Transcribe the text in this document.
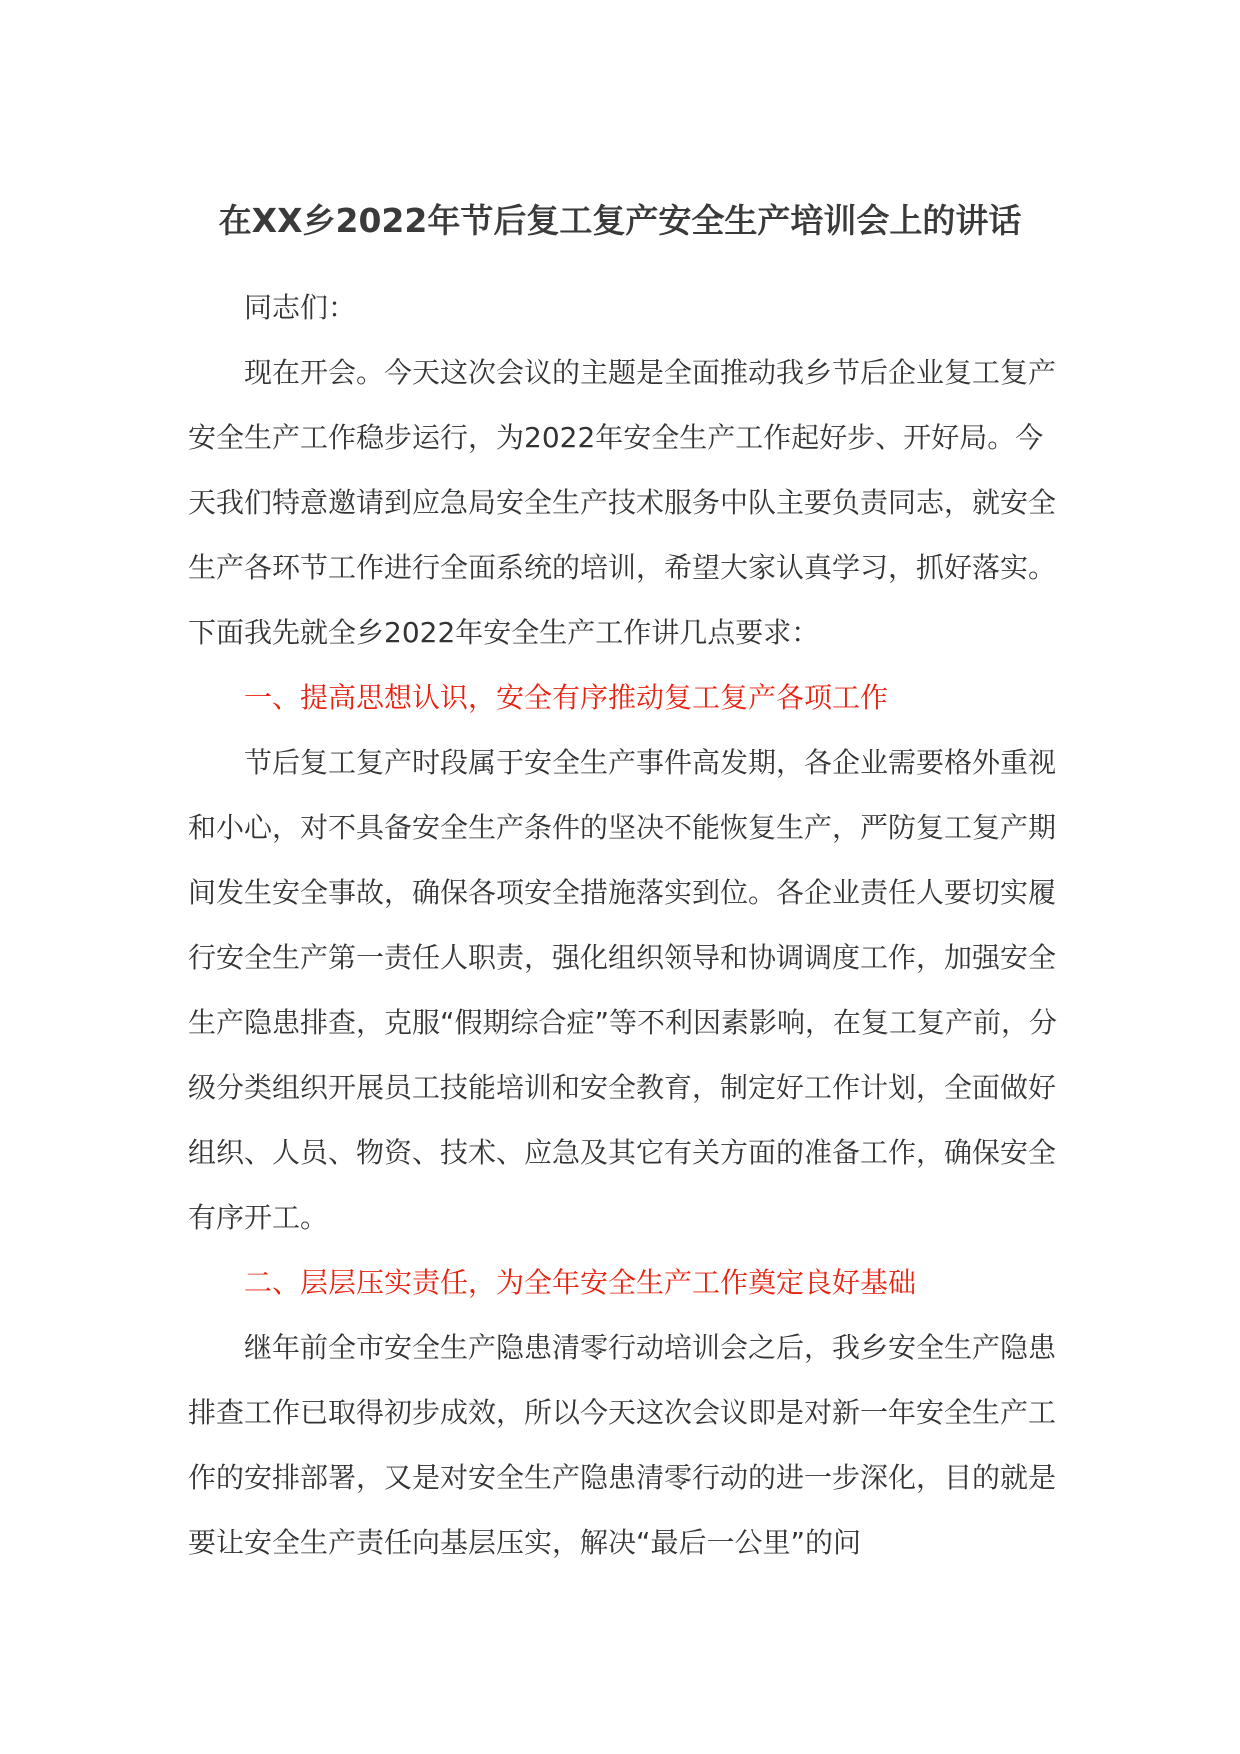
在XX乡2022年节后复工复产安全生产培训会上的讲话

同志们：

现在开会。今天这次会议的主题是全面推动我乡节后企业复工复产安全生产工作稳步运行，为2022年安全生产工作起好步、开好局。今天我们特意邀请到应急局安全生产技术服务中队主要负责同志，就安全生产各环节工作进行全面系统的培训，希望大家认真学习，抓好落实。下面我先就全乡2022年安全生产工作讲几点要求：

一、提高思想认识，安全有序推动复工复产各项工作

节后复工复产时段属于安全生产事件高发期，各企业需要格外重视和小心，对不具备安全生产条件的坚决不能恢复生产，严防复工复产期间发生安全事故，确保各项安全措施落实到位。各企业责任人要切实履行安全生产第一责任人职责，强化组织领导和协调调度工作，加强安全生产隐患排查，克服“假期综合症”等不利因素影响，在复工复产前，分级分类组织开展员工技能培训和安全教育，制定好工作计划，全面做好组织、人员、物资、技术、应急及其它有关方面的准备工作，确保安全有序开工。

二、层层压实责任，为全年安全生产工作奠定良好基础

继年前全市安全生产隐患清零行动培训会之后，我乡安全生产隐患排查工作已取得初步成效，所以今天这次会议即是对新一年安全生产工作的安排部署，又是对安全生产隐患清零行动的进一步深化，目的就是要让安全生产责任向基层压实，解决“最后一公里”的问
